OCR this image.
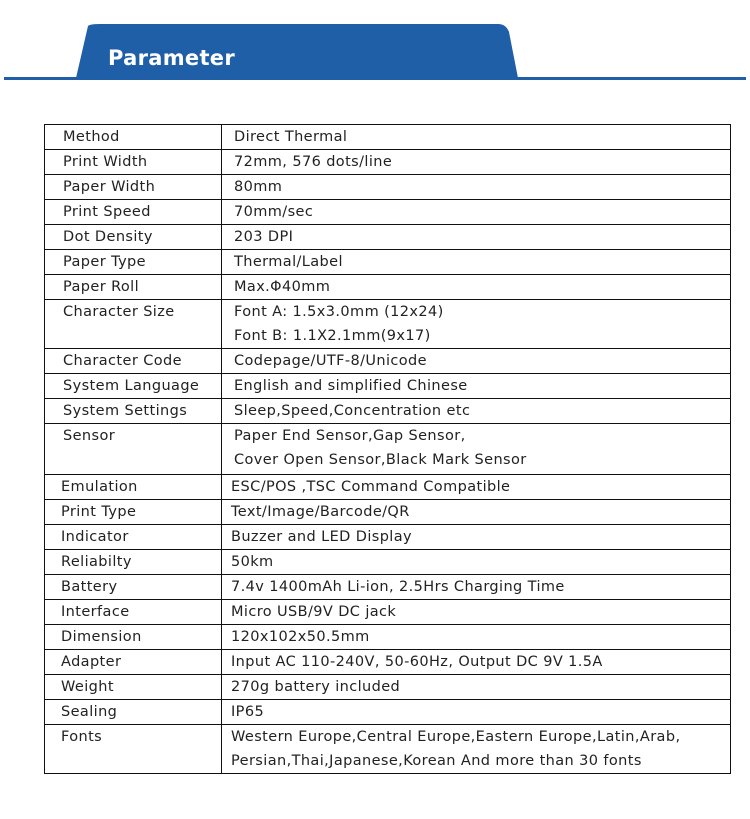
Parameter
Method	Direct Thermal

Print Width	72mm, 576 dots/line

Paper Width	80mm

Print Speed	70mm/sec

Dot Density	203 DPI

Paper Type	Thermal/Label

Paper Roll	Max.Φ40mm

Character Size	Font A: 1.5x3.0mm (12x24)
Font B: 1.1X2.1mm(9x17)

Character Code	Codepage/UTF-8/Unicode

System Language	English and simplified Chinese

System Settings	Sleep,Speed,Concentration etc

Sensor	Paper End Sensor,Gap Sensor,
Cover Open Sensor,Black Mark Sensor

Emulation	ESC/POS ,TSC Command Compatible

Print Type	Text/Image/Barcode/QR

Indicator	Buzzer and LED Display

Reliabilty	50km

Battery	7.4v 1400mAh Li-ion, 2.5Hrs Charging Time

Interface	Micro USB/9V DC jack

Dimension	120x102x50.5mm

Adapter	Input AC 110-240V, 50-60Hz, Output DC 9V 1.5A

Weight	270g battery included

Sealing	IP65

Fonts	Western Europe,Central Europe,Eastern Europe,Latin,Arab,
Persian,Thai,Japanese,Korean And more than 30 fonts
